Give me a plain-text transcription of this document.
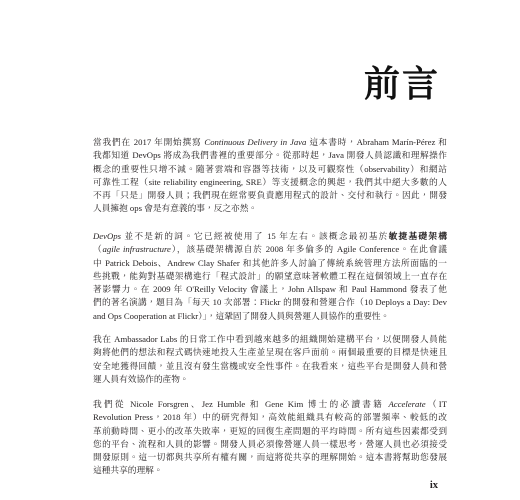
前言
當我們在 2017 年開始撰寫 Continuous Delivery in Java 這本書時，Abraham Marín-Pérez 和
我都知道 DevOps 將成為我們書裡的重要部分。從那時起，Java 開發人員認識和理解操作
概念的重要性只增不減。隨著雲端和容器等技術，以及可觀察性（observability）和網站
可靠性工程（site reliability engineering, SRE）等支援概念的興起，我們其中絕大多數的人
不再「只是」開發人員；我們現在經常要負責應用程式的設計、交付和執行。因此，開發
人員擁抱 ops 會是有意義的事，反之亦然。
DevOps 並不是新的詞。它已經被使用了 15 年左右。該概念最初基於敏捷基礎架構
（agile infrastructure），該基礎架構源自於 2008 年多倫多的 Agile Conference。在此會議
中 Patrick Debois、Andrew Clay Shafer 和其他許多人討論了傳統系統管理方法所面臨的一
些挑戰，能夠對基礎架構進行「程式設計」的願望意味著軟體工程在這個領域上一直存在
著影響力。在 2009 年 O'Reilly Velocity 會議上，John Allspaw 和 Paul Hammond 發表了他
們的著名演講，題目為「每天 10 次部署：Flickr 的開發和營運合作（10 Deploys a Day: Dev
and Ops Cooperation at Flickr）」，這鞏固了開發人員與營運人員協作的重要性。
我在 Ambassador Labs 的日常工作中看到越來越多的組織開始建構平台，以便開發人員能
夠將他們的想法和程式碼快速地投入生產並呈現在客戶面前。兩個最重要的目標是快速且
安全地獲得回饋，並且沒有發生當機或安全性事件。在我看來，這些平台是開發人員和營
運人員有效協作的產物。
我們從 Nicole Forsgren、Jez Humble 和 Gene Kim 博士的必讀書籍 Accelerate（IT
Revolution Press，2018 年）中的研究得知，高效能組織具有較高的部署頻率、較低的改
革前動時間、更小的改革失敗率，更短的回復生產問題的平均時間。所有這些因素都受到
您的平台、流程和人員的影響。開發人員必須像營運人員一樣思考，營運人員也必須接受
開發原則。這一切都與共享所有權有關，而這將從共享的理解開始。這本書將幫助您發展
這種共享的理解。
ix
